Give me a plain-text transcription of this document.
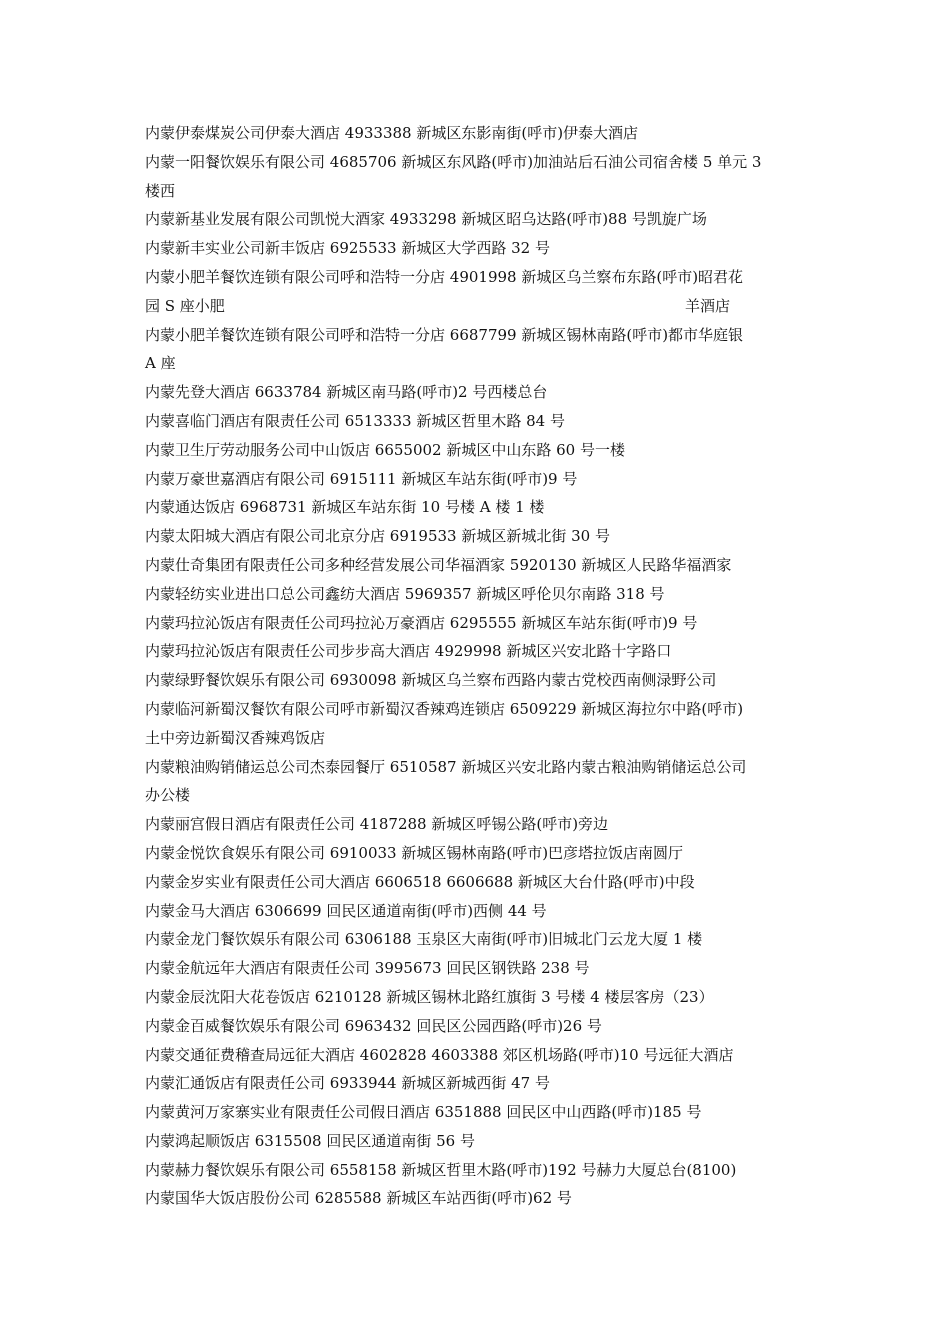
内蒙伊泰煤炭公司伊泰大酒店 4933388 新城区东影南街(呼市)伊泰大酒店
内蒙一阳餐饮娱乐有限公司 4685706 新城区东风路(呼市)加油站后石油公司宿舍楼 5 单元 3
楼西
内蒙新基业发展有限公司凯悦大酒家 4933298 新城区昭乌达路(呼市)88 号凯旋广场
内蒙新丰实业公司新丰饭店 6925533 新城区大学西路 32 号
内蒙小肥羊餐饮连锁有限公司呼和浩特一分店 4901998 新城区乌兰察布东路(呼市)昭君花
园 S 座小肥	羊酒店
内蒙小肥羊餐饮连锁有限公司呼和浩特一分店 6687799 新城区锡林南路(呼市)都市华庭银
A 座
内蒙先登大酒店 6633784 新城区南马路(呼市)2 号西楼总台
内蒙喜临门酒店有限责任公司 6513333 新城区哲里木路 84 号
内蒙卫生厅劳动服务公司中山饭店 6655002 新城区中山东路 60 号一楼
内蒙万豪世嘉酒店有限公司 6915111 新城区车站东街(呼市)9 号
内蒙通达饭店 6968731 新城区车站东街 10 号楼 A 楼 1 楼
内蒙太阳城大酒店有限公司北京分店 6919533 新城区新城北街 30 号
内蒙仕奇集团有限责任公司多种经营发展公司华福酒家 5920130 新城区人民路华福酒家
内蒙轻纺实业进出口总公司鑫纺大酒店 5969357 新城区呼伦贝尔南路 318 号
内蒙玛拉沁饭店有限责任公司玛拉沁万豪酒店 6295555 新城区车站东街(呼市)9 号
内蒙玛拉沁饭店有限责任公司步步高大酒店 4929998 新城区兴安北路十字路口
内蒙绿野餐饮娱乐有限公司 6930098 新城区乌兰察布西路内蒙古党校西南侧渌野公司
内蒙临河新蜀汉餐饮有限公司呼市新蜀汉香辣鸡连锁店 6509229 新城区海拉尔中路(呼市)
土中旁边新蜀汉香辣鸡饭店
内蒙粮油购销储运总公司杰泰园餐厅 6510587 新城区兴安北路内蒙古粮油购销储运总公司
办公楼
内蒙丽宫假日酒店有限责任公司 4187288 新城区呼锡公路(呼市)旁边
内蒙金悦饮食娱乐有限公司 6910033 新城区锡林南路(呼市)巴彦塔拉饭店南圆厅
内蒙金岁实业有限责任公司大酒店 6606518 6606688 新城区大台什路(呼市)中段
内蒙金马大酒店 6306699 回民区通道南街(呼市)西侧 44 号
内蒙金龙门餐饮娱乐有限公司 6306188 玉泉区大南街(呼市)旧城北门云龙大厦 1 楼
内蒙金航远年大酒店有限责任公司 3995673 回民区钢铁路 238 号
内蒙金辰沈阳大花卷饭店 6210128 新城区锡林北路红旗街 3 号楼 4 楼层客房（23）
内蒙金百威餐饮娱乐有限公司 6963432 回民区公园西路(呼市)26 号
内蒙交通征费稽查局远征大酒店 4602828 4603388 郊区机场路(呼市)10 号远征大酒店
内蒙汇通饭店有限责任公司 6933944 新城区新城西街 47 号
内蒙黄河万家寨实业有限责任公司假日酒店 6351888 回民区中山西路(呼市)185 号
内蒙鸿起顺饭店 6315508 回民区通道南街 56 号
内蒙赫力餐饮娱乐有限公司 6558158 新城区哲里木路(呼市)192 号赫力大厦总台(8100)
内蒙国华大饭店股份公司 6285588 新城区车站西街(呼市)62 号
